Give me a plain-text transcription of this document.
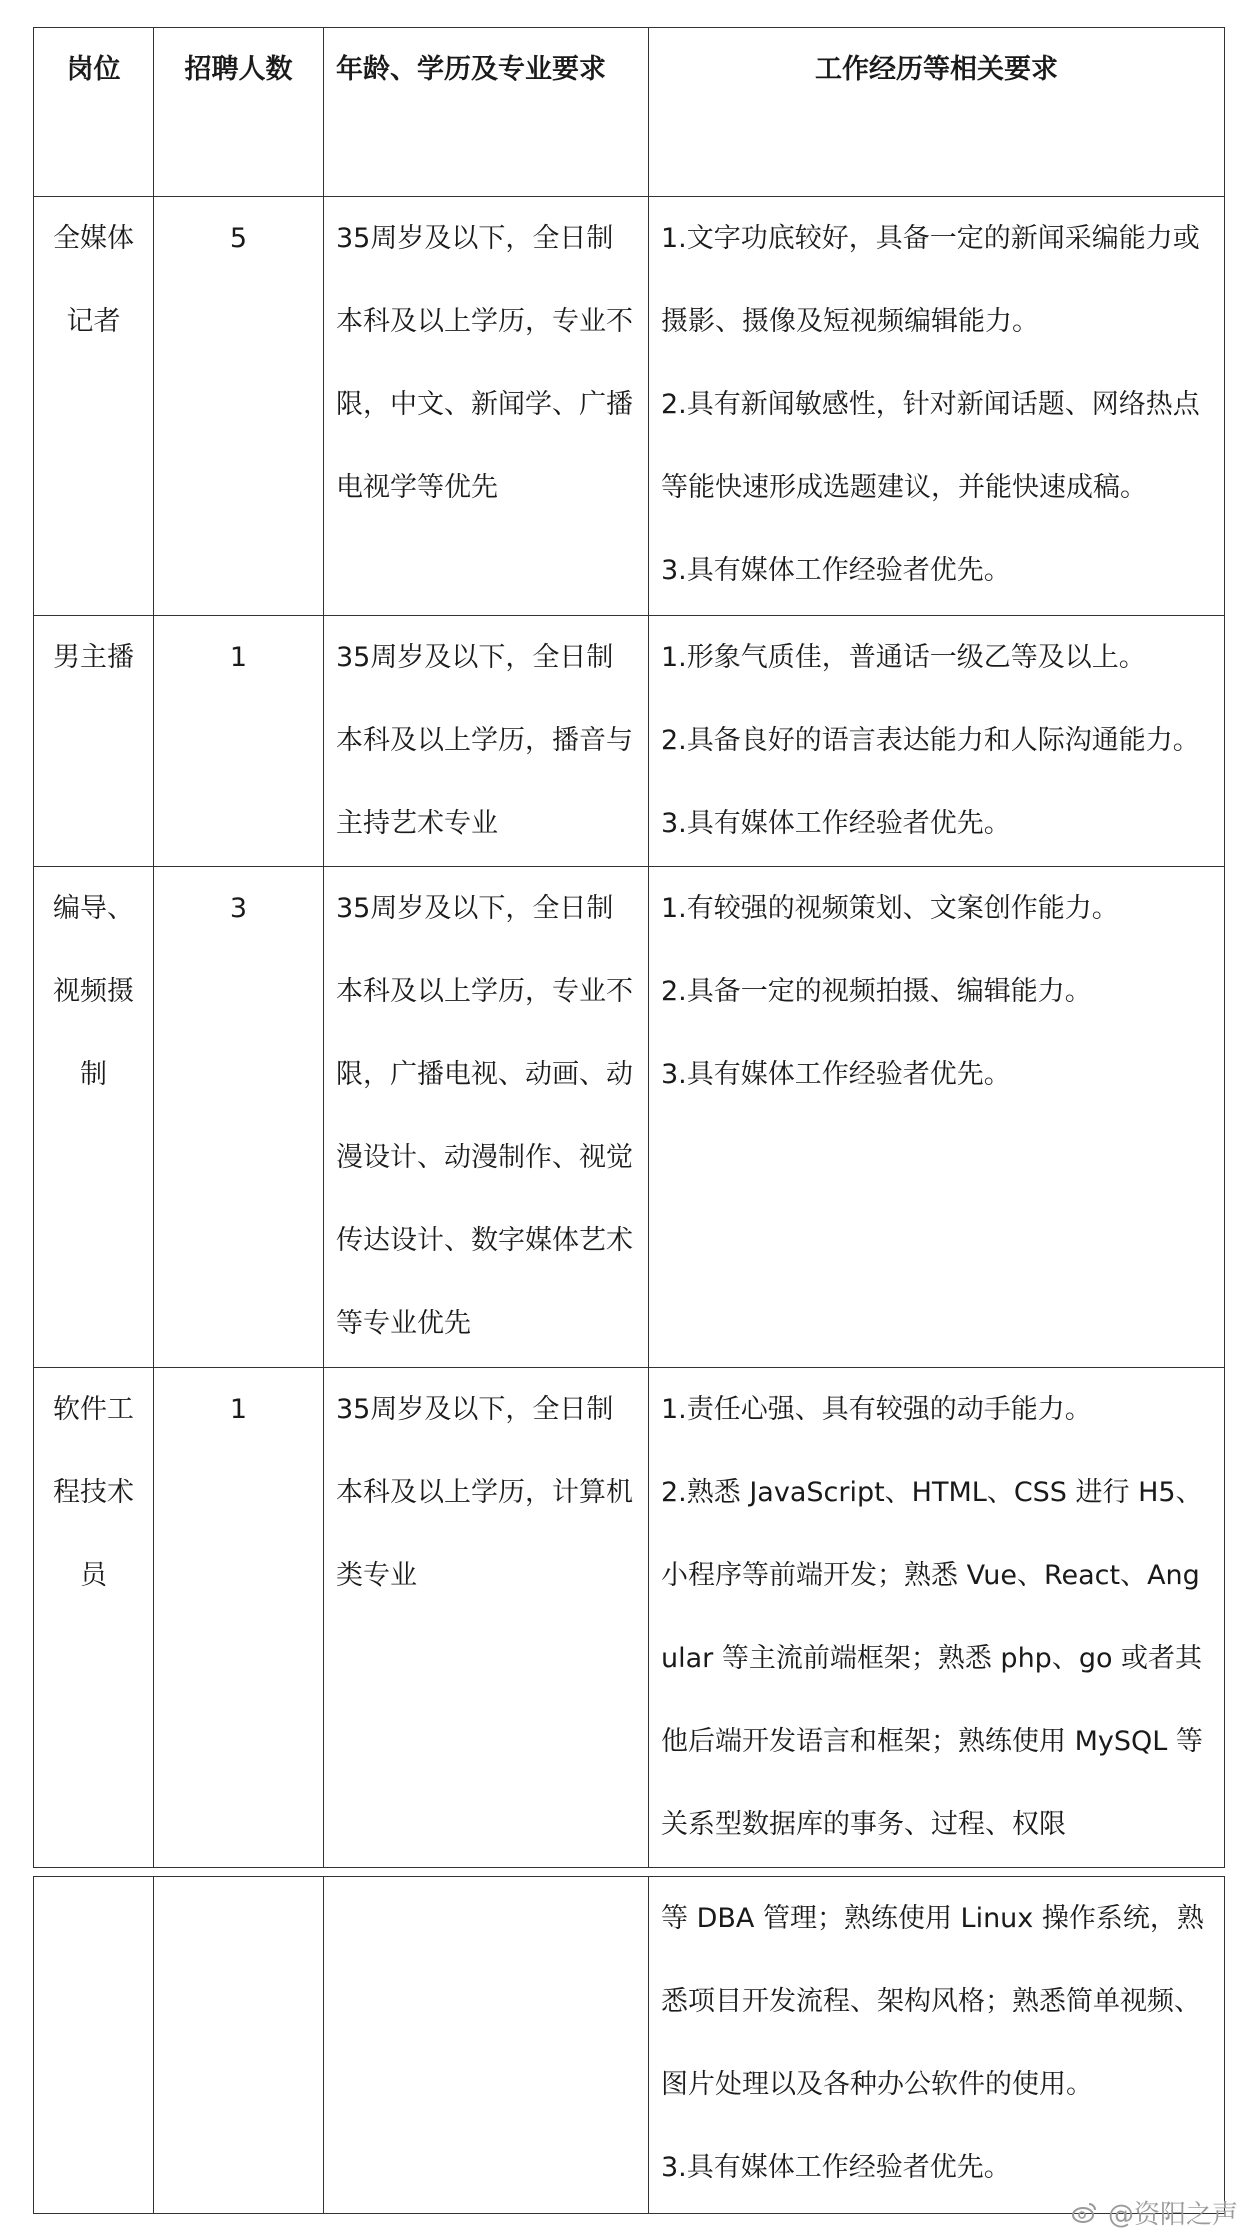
岗位	招聘人数	年龄、学历及专业要求	工作经历等相关要求
全媒体记者	5	35周岁及以下，全日制本科及以上学历，专业不限，中文、新闻学、广播电视学等优先	1.文字功底较好，具备一定的新闻采编能力或摄影、摄像及短视频编辑能力。
2.具有新闻敏感性，针对新闻话题、网络热点等能快速形成选题建议，并能快速成稿。
3.具有媒体工作经验者优先。

男主播	1	35周岁及以下，全日制本科及以上学历，播音与主持艺术专业	1.形象气质佳，普通话一级乙等及以上。
2.具备良好的语言表达能力和人际沟通能力。
3.具有媒体工作经验者优先。

编导、视频摄制	3	35周岁及以下，全日制本科及以上学历，专业不限，广播电视、动画、动漫设计、动漫制作、视觉传达设计、数字媒体艺术等专业优先	1.有较强的视频策划、文案创作能力。
2.具备一定的视频拍摄、编辑能力。
3.具有媒体工作经验者优先。

软件工程技术员	1	35周岁及以下，全日制本科及以上学历，计算机类专业	1.责任心强、具有较强的动手能力。
2.熟悉 JavaScript、HTML、CSS 进行 H5、小程序等前端开发；熟悉 Vue、React、Angular 等主流前端框架；熟悉 php、go 或者其他后端开发语言和框架；熟练使用 MySQL 等关系型数据库的事务、过程、权限

等 DBA 管理；熟练使用 Linux 操作系统，熟悉项目开发流程、架构风格；熟悉简单视频、图片处理以及各种办公软件的使用。
3.具有媒体工作经验者优先。
@资阳之声
